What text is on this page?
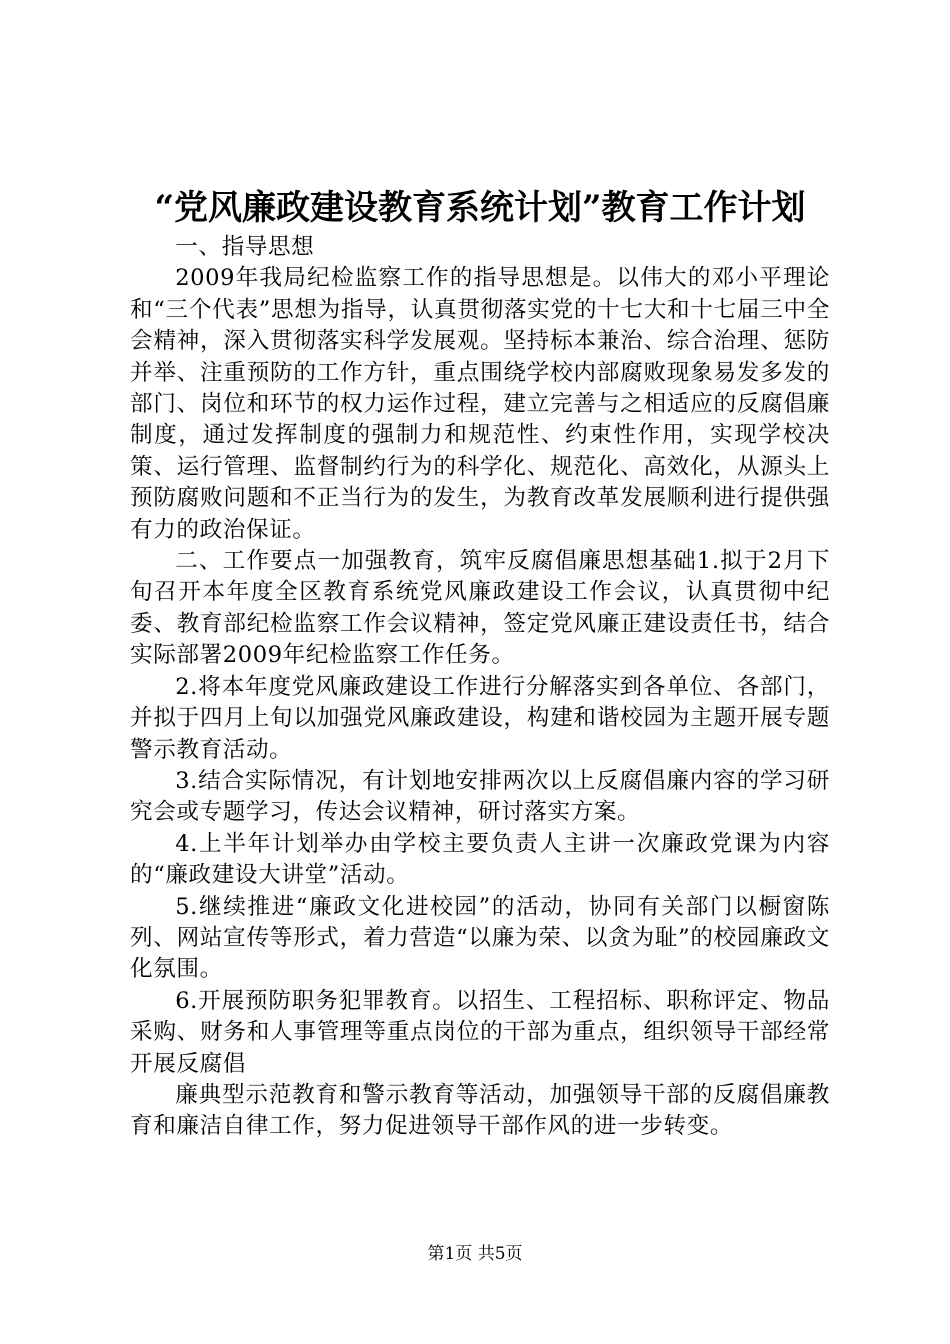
“党风廉政建设教育系统计划”教育工作计划

一、指导思想

2009年我局纪检监察工作的指导思想是。以伟大的邓小平理论和“三个代表”思想为指导，认真贯彻落实党的十七大和十七届三中全会精神，深入贯彻落实科学发展观。坚持标本兼治、综合治理、惩防并举、注重预防的工作方针，重点围绕学校内部腐败现象易发多发的部门、岗位和环节的权力运作过程，建立完善与之相适应的反腐倡廉制度，通过发挥制度的强制力和规范性、约束性作用，实现学校决策、运行管理、监督制约行为的科学化、规范化、高效化，从源头上预防腐败问题和不正当行为的发生，为教育改革发展顺利进行提供强有力的政治保证。

二、工作要点一加强教育，筑牢反腐倡廉思想基础1.拟于2月下旬召开本年度全区教育系统党风廉政建设工作会议，认真贯彻中纪委、教育部纪检监察工作会议精神，签定党风廉正建设责任书，结合实际部署2009年纪检监察工作任务。

2.将本年度党风廉政建设工作进行分解落实到各单位、各部门，并拟于四月上旬以加强党风廉政建设，构建和谐校园为主题开展专题警示教育活动。

3.结合实际情况，有计划地安排两次以上反腐倡廉内容的学习研究会或专题学习，传达会议精神，研讨落实方案。

4.上半年计划举办由学校主要负责人主讲一次廉政党课为内容的“廉政建设大讲堂”活动。

5.继续推进“廉政文化进校园”的活动，协同有关部门以橱窗陈列、网站宣传等形式，着力营造“以廉为荣、以贪为耻”的校园廉政文化氛围。

6.开展预防职务犯罪教育。以招生、工程招标、职称评定、物品采购、财务和人事管理等重点岗位的干部为重点，组织领导干部经常开展反腐倡

廉典型示范教育和警示教育等活动，加强领导干部的反腐倡廉教育和廉洁自律工作，努力促进领导干部作风的进一步转变。

第1页 共5页
